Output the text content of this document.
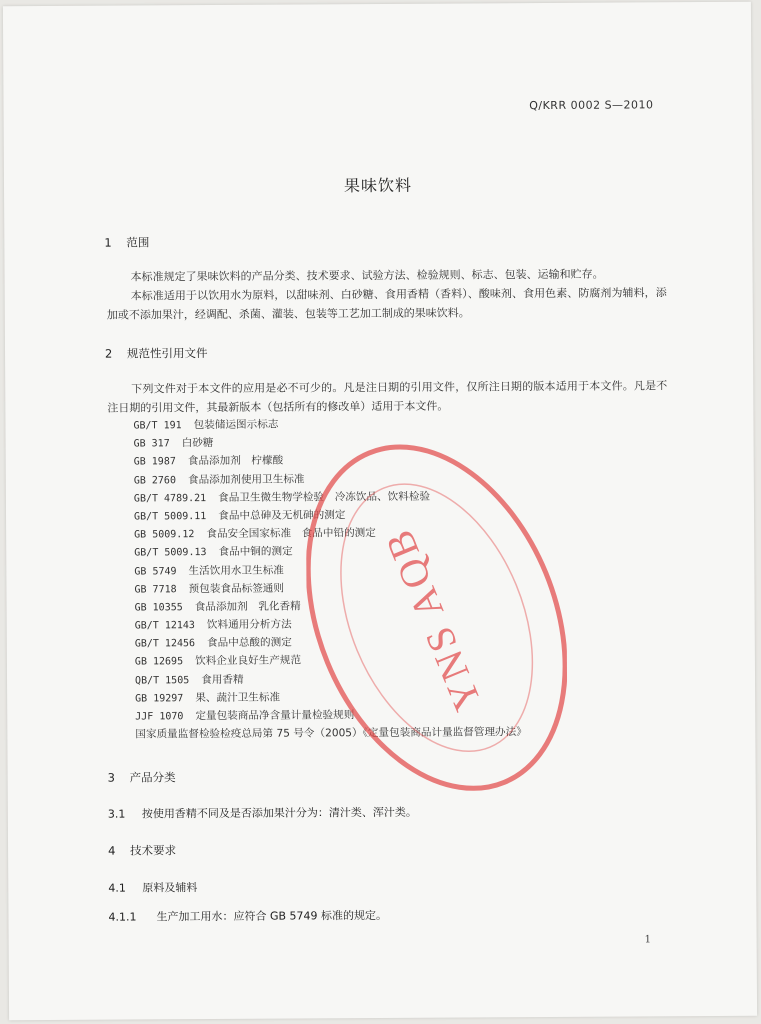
Q/KRR 0002 S—2010
果味饮料
1 范围

本标准规定了果味饮料的产品分类、技术要求、试验方法、检验规则、标志、包装、运输和贮存。

本标准适用于以饮用水为原料，以甜味剂、白砂糖、食用香精（香料）、酸味剂、食用色素、防腐剂为辅料，添加或不添加果汁，经调配、杀菌、灌装、包装等工艺加工制成的果味饮料。

2 规范性引用文件

下列文件对于本文件的应用是必不可少的。凡是注日期的引用文件，仅所注日期的版本适用于本文件。凡是不注日期的引用文件，其最新版本（包括所有的修改单）适用于本文件。

GB/T 191 包装储运图示标志
GB 317 白砂糖
GB 1987 食品添加剂　柠檬酸
GB 2760 食品添加剂使用卫生标准
GB/T 4789.21 食品卫生微生物学检验　冷冻饮品、饮料检验
GB/T 5009.11 食品中总砷及无机砷的测定
GB 5009.12 食品安全国家标准　食品中铅的测定
GB/T 5009.13 食品中铜的测定
GB 5749 生活饮用水卫生标准
GB 7718 预包装食品标签通则
GB 10355 食品添加剂　乳化香精
GB/T 12143 饮料通用分析方法
GB/T 12456 食品中总酸的测定
GB 12695 饮料企业良好生产规范
QB/T 1505 食用香精
GB 19297 果、蔬汁卫生标准
JJF 1070 定量包装商品净含量计量检验规则
国家质量监督检验检疫总局第 75 号令（2005）《定量包装商品计量监督管理办法》
3 产品分类
3.1 按使用香精不同及是否添加果汁分为：清汁类、浑汁类。
4 技术要求
4.1 原料及辅料
4.1.1 生产加工用水：应符合 GB 5749 标准的规定。
1
YNS AQB
